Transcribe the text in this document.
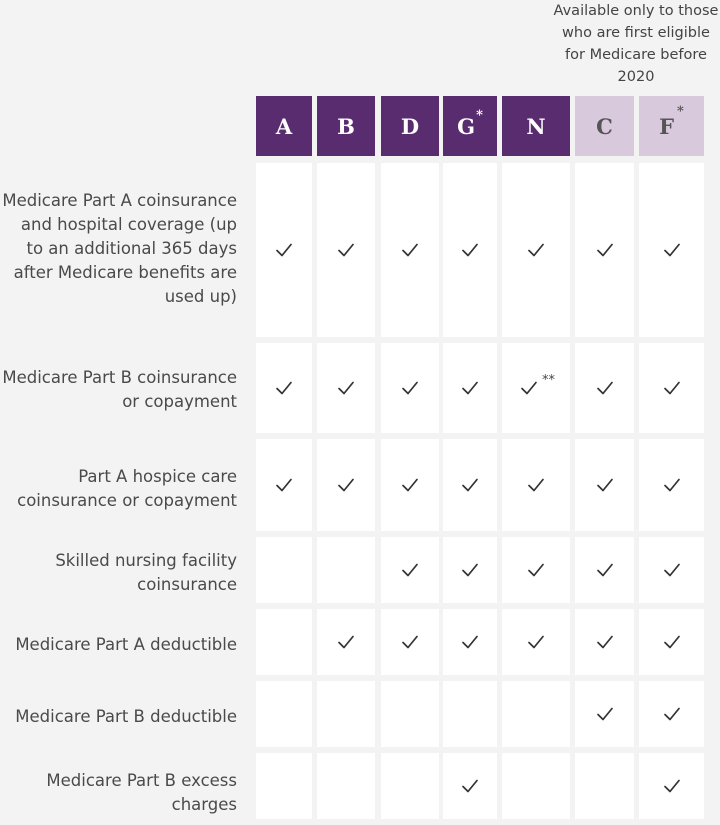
Available only to those who are first eligible for Medicare before 2020
A B D G* N C F
*
Medicare Part A coinsurance and hospital coverage (up to an additional 365 days after Medicare benefits are used up)
Medicare Part B coinsurance or copayment
**
Part A hospice care coinsurance or copayment
Skilled nursing facility coinsurance
Medicare Part A deductible
Medicare Part B deductible
Medicare Part B excess charges
